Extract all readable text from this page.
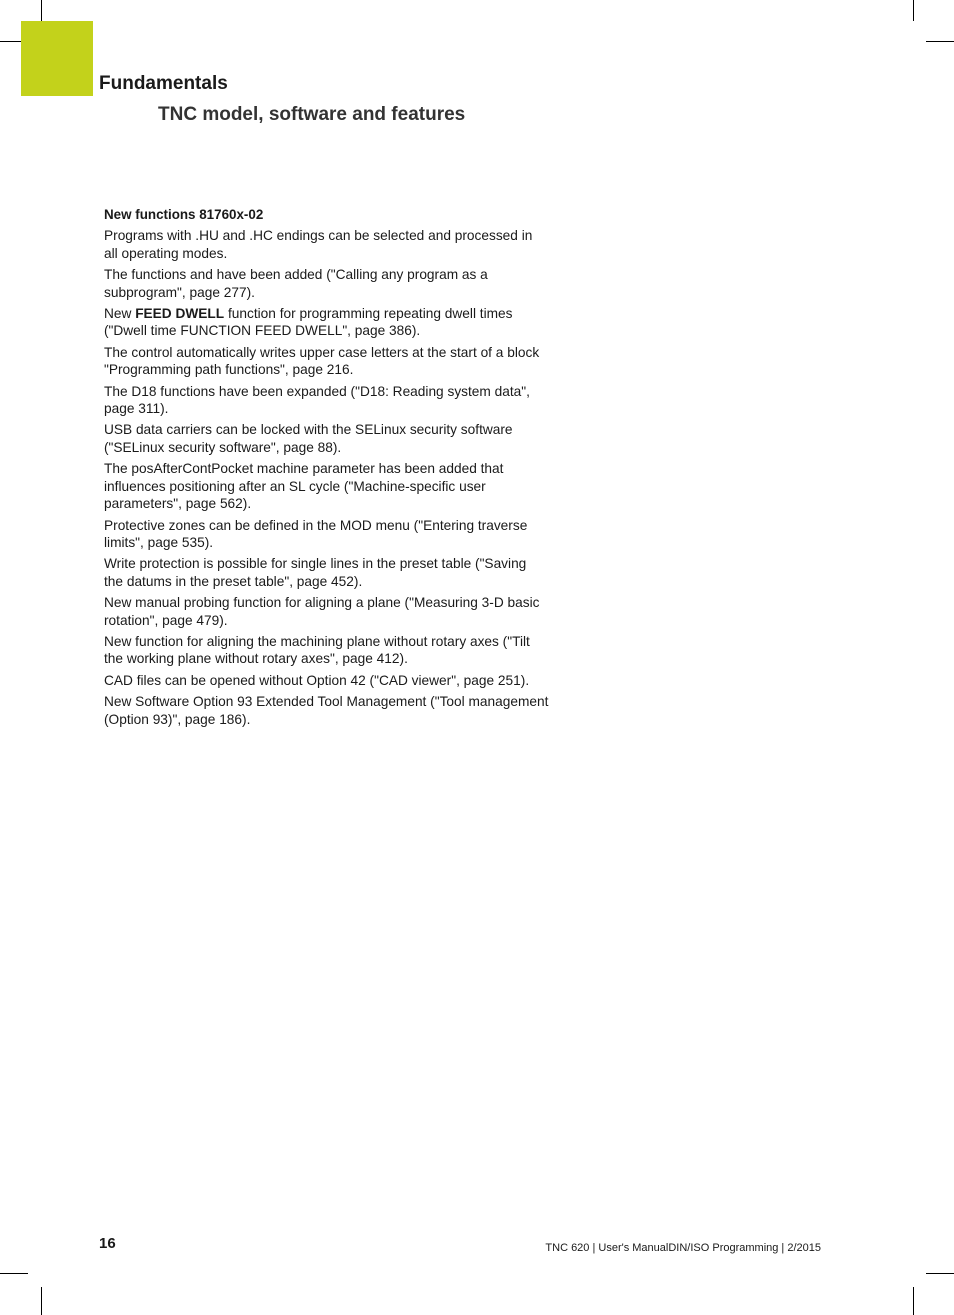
Fundamentals
TNC model, software and features
New functions 81760x-02

Programs with .HU and .HC endings can be selected and processed in all operating modes.

The functions and have been added ("Calling any program as a subprogram", page 277).

New FEED DWELL function for programming repeating dwell times ("Dwell time FUNCTION FEED DWELL", page 386).

The control automatically writes upper case letters at the start of a block "Programming path functions", page 216.

The D18 functions have been expanded ("D18: Reading system data", page 311).

USB data carriers can be locked with the SELinux security software ("SELinux security software", page 88).

The posAfterContPocket machine parameter has been added that influences positioning after an SL cycle ("Machine-specific user parameters", page 562).

Protective zones can be defined in the MOD menu ("Entering traverse limits", page 535).

Write protection is possible for single lines in the preset table ("Saving the datums in the preset table", page 452).

New manual probing function for aligning a plane ("Measuring 3-D basic rotation", page 479).

New function for aligning the machining plane without rotary axes ("Tilt the working plane without rotary axes", page 412).

CAD files can be opened without Option 42 ("CAD viewer", page 251).

New Software Option 93 Extended Tool Management ("Tool management (Option 93)", page 186).

16	TNC 620 | User's ManualDIN/ISO Programming | 2/2015
